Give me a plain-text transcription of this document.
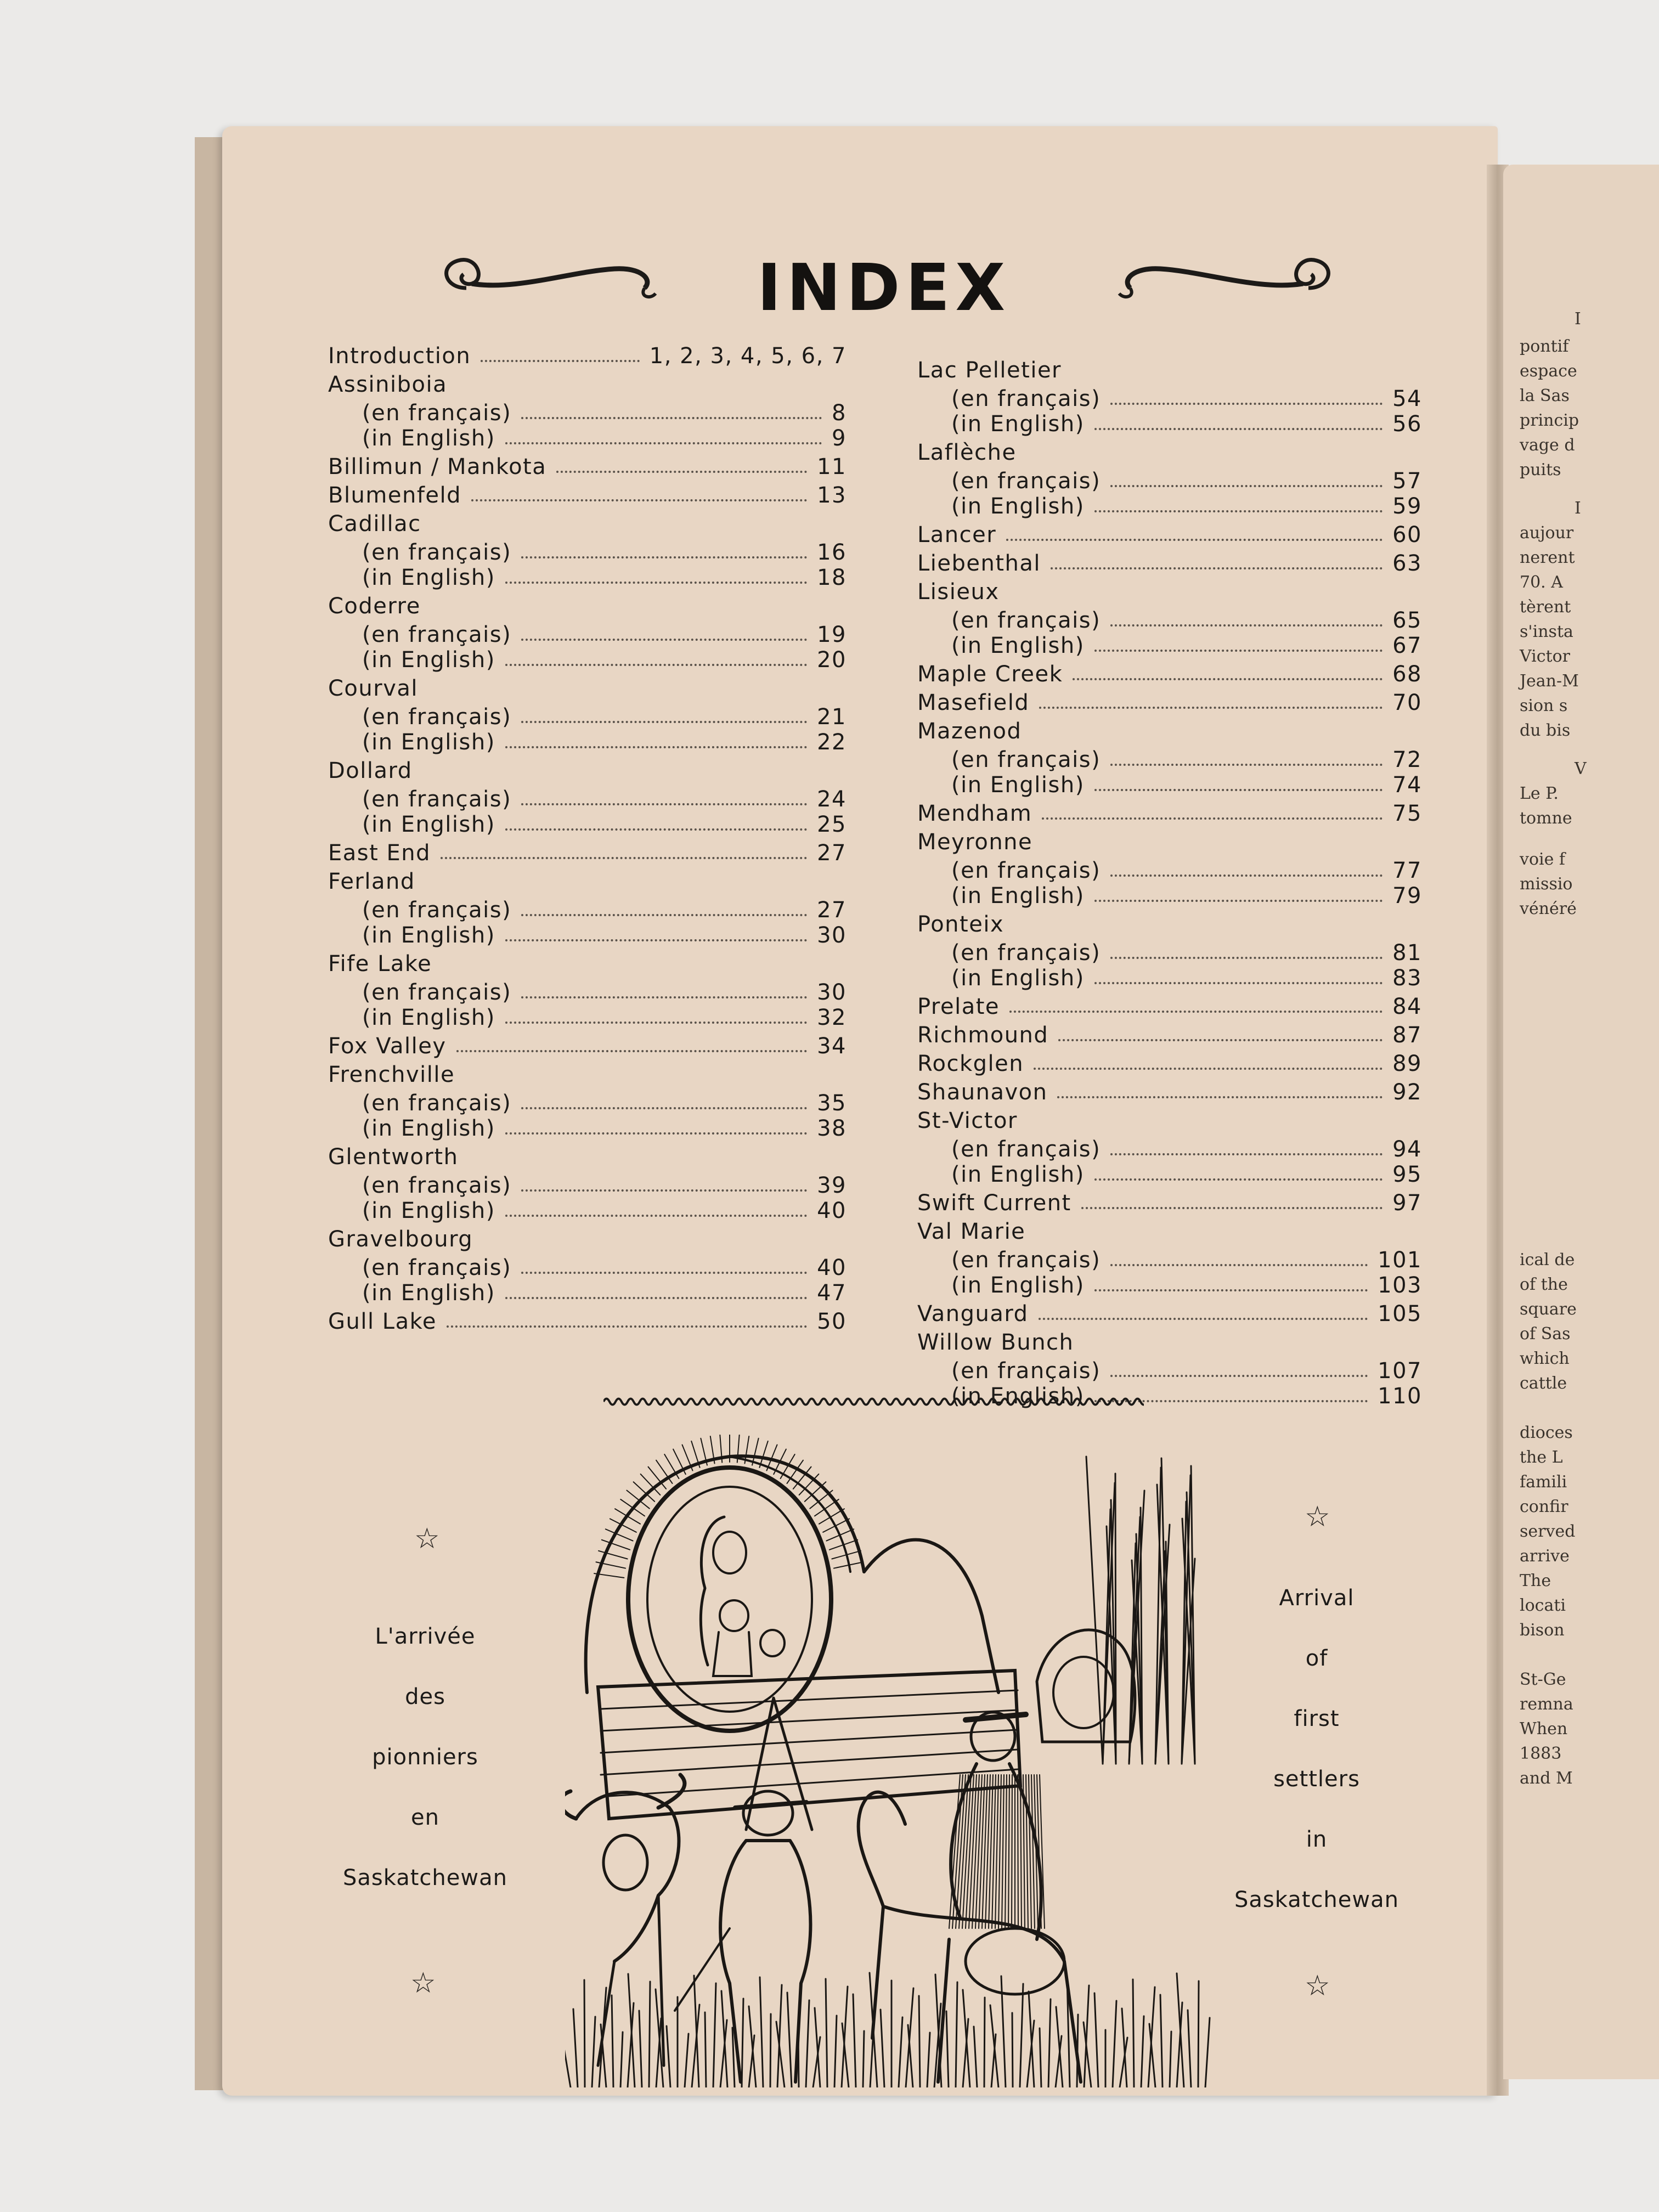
I
pontif
espace
la Sas
princip
vage d
puits
I
aujour
nerent
70. A
tèrent
s'insta
Victor
Jean-M
sion s
du bis
V
Le P.
tomne
voie f
missio
vénéré
ical de
of the
square
of Sas
which
cattle
dioces
the L
famili
confir
served
arrive
The
locati
bison
St-Ge
remna
When
1883
and M
INDEX
Introduction	1, 2, 3, 4, 5, 6, 7
Assiniboia
(en français)	8
(in English)	9
Billimun / Mankota	11
Blumenfeld	13
Cadillac
(en français)	16
(in English)	18
Coderre
(en français)	19
(in English)	20
Courval
(en français)	21
(in English)	22
Dollard
(en français)	24
(in English)	25
East End	27
Ferland
(en français)	27
(in English)	30
Fife Lake
(en français)	30
(in English)	32
Fox Valley	34
Frenchville
(en français)	35
(in English)	38
Glentworth
(en français)	39
(in English)	40
Gravelbourg
(en français)	40
(in English)	47
Gull Lake	50
Lac Pelletier
(en français)	54
(in English)	56
Laflèche
(en français)	57
(in English)	59
Lancer	60
Liebenthal	63
Lisieux
(en français)	65
(in English)	67
Maple Creek	68
Masefield	70
Mazenod
(en français)	72
(in English)	74
Mendham	75
Meyronne
(en français)	77
(in English)	79
Ponteix
(en français)	81
(in English)	83
Prelate	84
Richmound	87
Rockglen	89
Shaunavon	92
St-Victor
(en français)	94
(in English)	95
Swift Current	97
Val Marie
(en français)	101
(in English)	103
Vanguard	105
Willow Bunch
(en français)	107
(in English)	110
☆
☆
☆
☆
L'arrivée
des
pionniers
en
Saskatchewan
Arrival
of
first
settlers
in
Saskatchewan
